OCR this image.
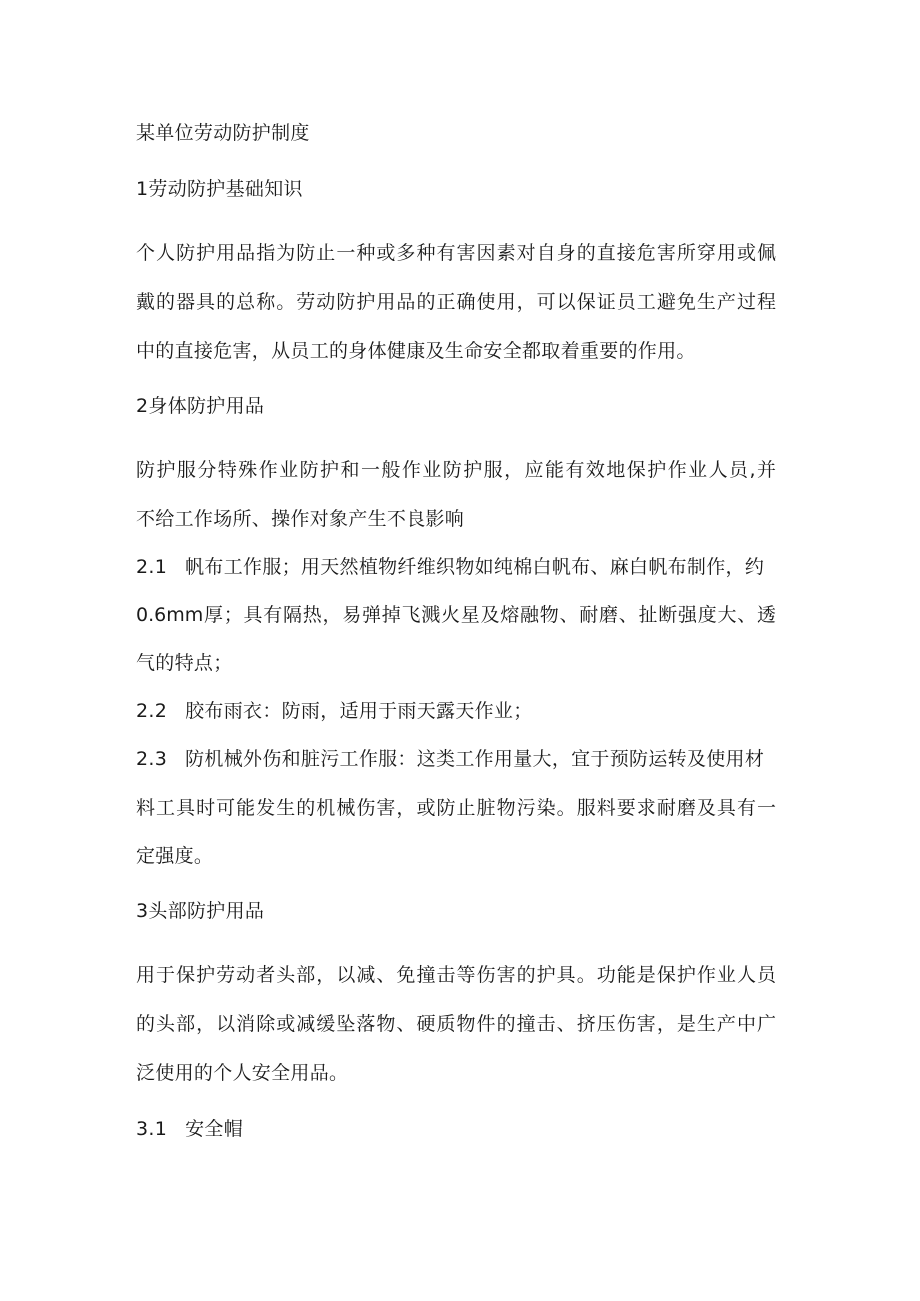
某单位劳动防护制度

1劳动防护基础知识

个人防护用品指为防止一种或多种有害因素对自身的直接危害所穿用或佩

戴的器具的总称。劳动防护用品的正确使用，可以保证员工避免生产过程

中的直接危害，从员工的身体健康及生命安全都取着重要的作用。

2身体防护用品

防护服分特殊作业防护和一般作业防护服，应能有效地保护作业人员,并

不给工作场所、操作对象产生不良影响

2.1 帆布工作服；用天然植物纤维织物如纯棉白帆布、麻白帆布制作，约

0.6mm厚；具有隔热，易弹掉飞溅火星及熔融物、耐磨、扯断强度大、透

气的特点；

2.2 胶布雨衣：防雨，适用于雨天露天作业；

2.3 防机械外伤和脏污工作服：这类工作用量大，宜于预防运转及使用材

料工具时可能发生的机械伤害，或防止脏物污染。服料要求耐磨及具有一

定强度。

3头部防护用品

用于保护劳动者头部，以减、免撞击等伤害的护具。功能是保护作业人员

的头部，以消除或减缓坠落物、硬质物件的撞击、挤压伤害，是生产中广

泛使用的个人安全用品。

3.1 安全帽
